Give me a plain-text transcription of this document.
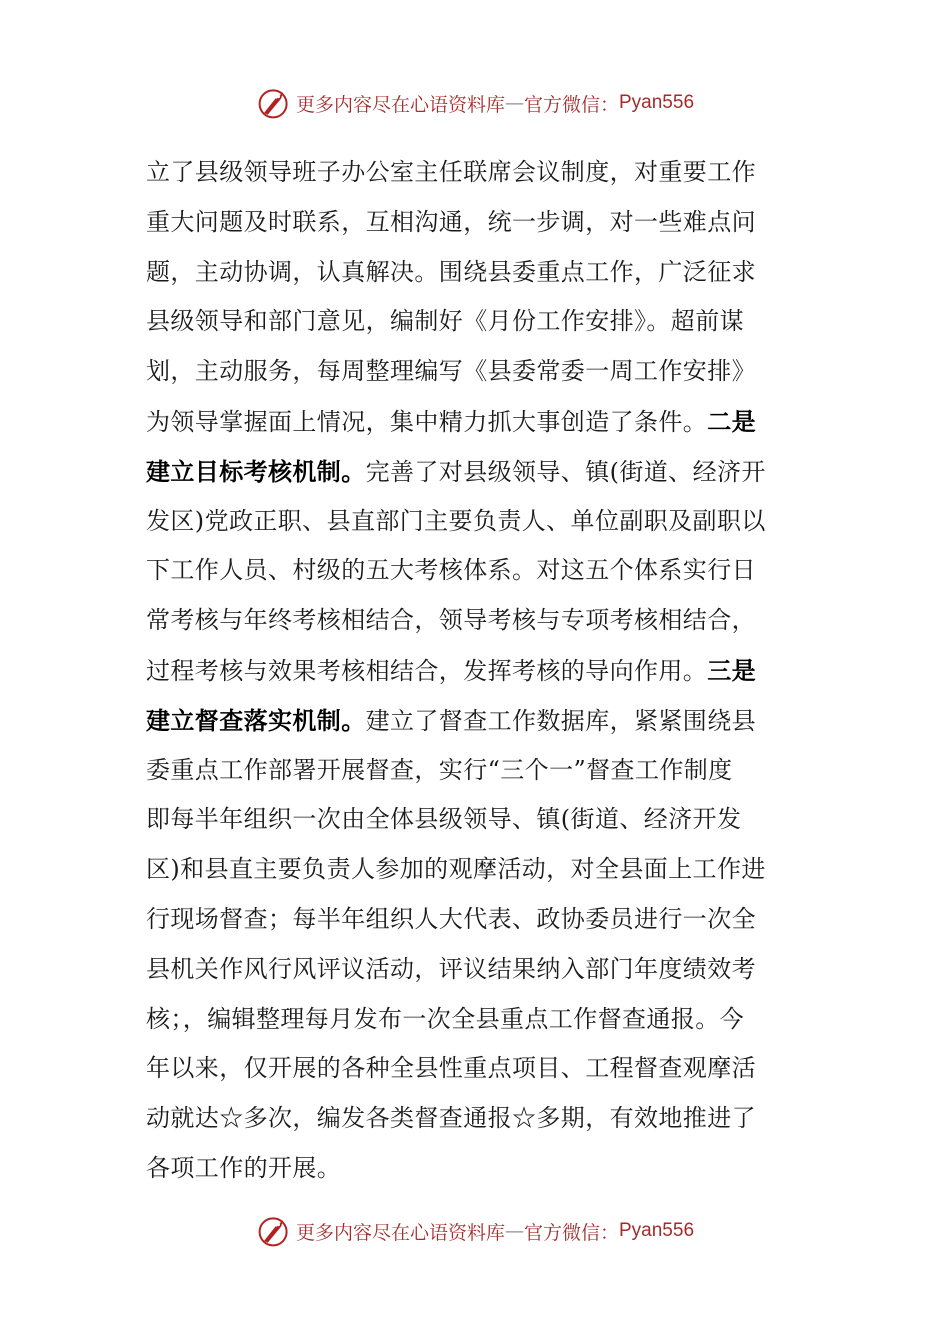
更多内容尽在心语资料库 — 官方微信： Pyan556
立了县级领导班子办公室主任联席会议制度，对重要工作
重大问题及时联系，互相沟通，统一步调，对一些难点问
题，主动协调，认真解决。围绕县委重点工作，广泛征求
县级领导和部门意见，编制好《月份工作安排》。超前谋
划，主动服务，每周整理编写《县委常委一周工作安排》
为领导掌握面上情况，集中精力抓大事创造了条件。二是
建立目标考核机制。完善了对县级领导、镇(街道、经济开
发区)党政正职、县直部门主要负责人、单位副职及副职以
下工作人员、村级的五大考核体系。对这五个体系实行日
常考核与年终考核相结合，领导考核与专项考核相结合，
过程考核与效果考核相结合，发挥考核的导向作用。三是
建立督查落实机制。建立了督查工作数据库，紧紧围绕县
委重点工作部署开展督查，实行“三个一”督查工作制度
即每半年组织一次由全体县级领导、镇(街道、经济开发
区)和县直主要负责人参加的观摩活动，对全县面上工作进
行现场督查；每半年组织人大代表、政协委员进行一次全
县机关作风行风评议活动，评议结果纳入部门年度绩效考
核；，编辑整理每月发布一次全县重点工作督查通报。今
年以来，仅开展的各种全县性重点项目、工程督查观摩活
动就达☆多次，编发各类督查通报☆多期，有效地推进了
各项工作的开展。
更多内容尽在心语资料库 — 官方微信： Pyan556
